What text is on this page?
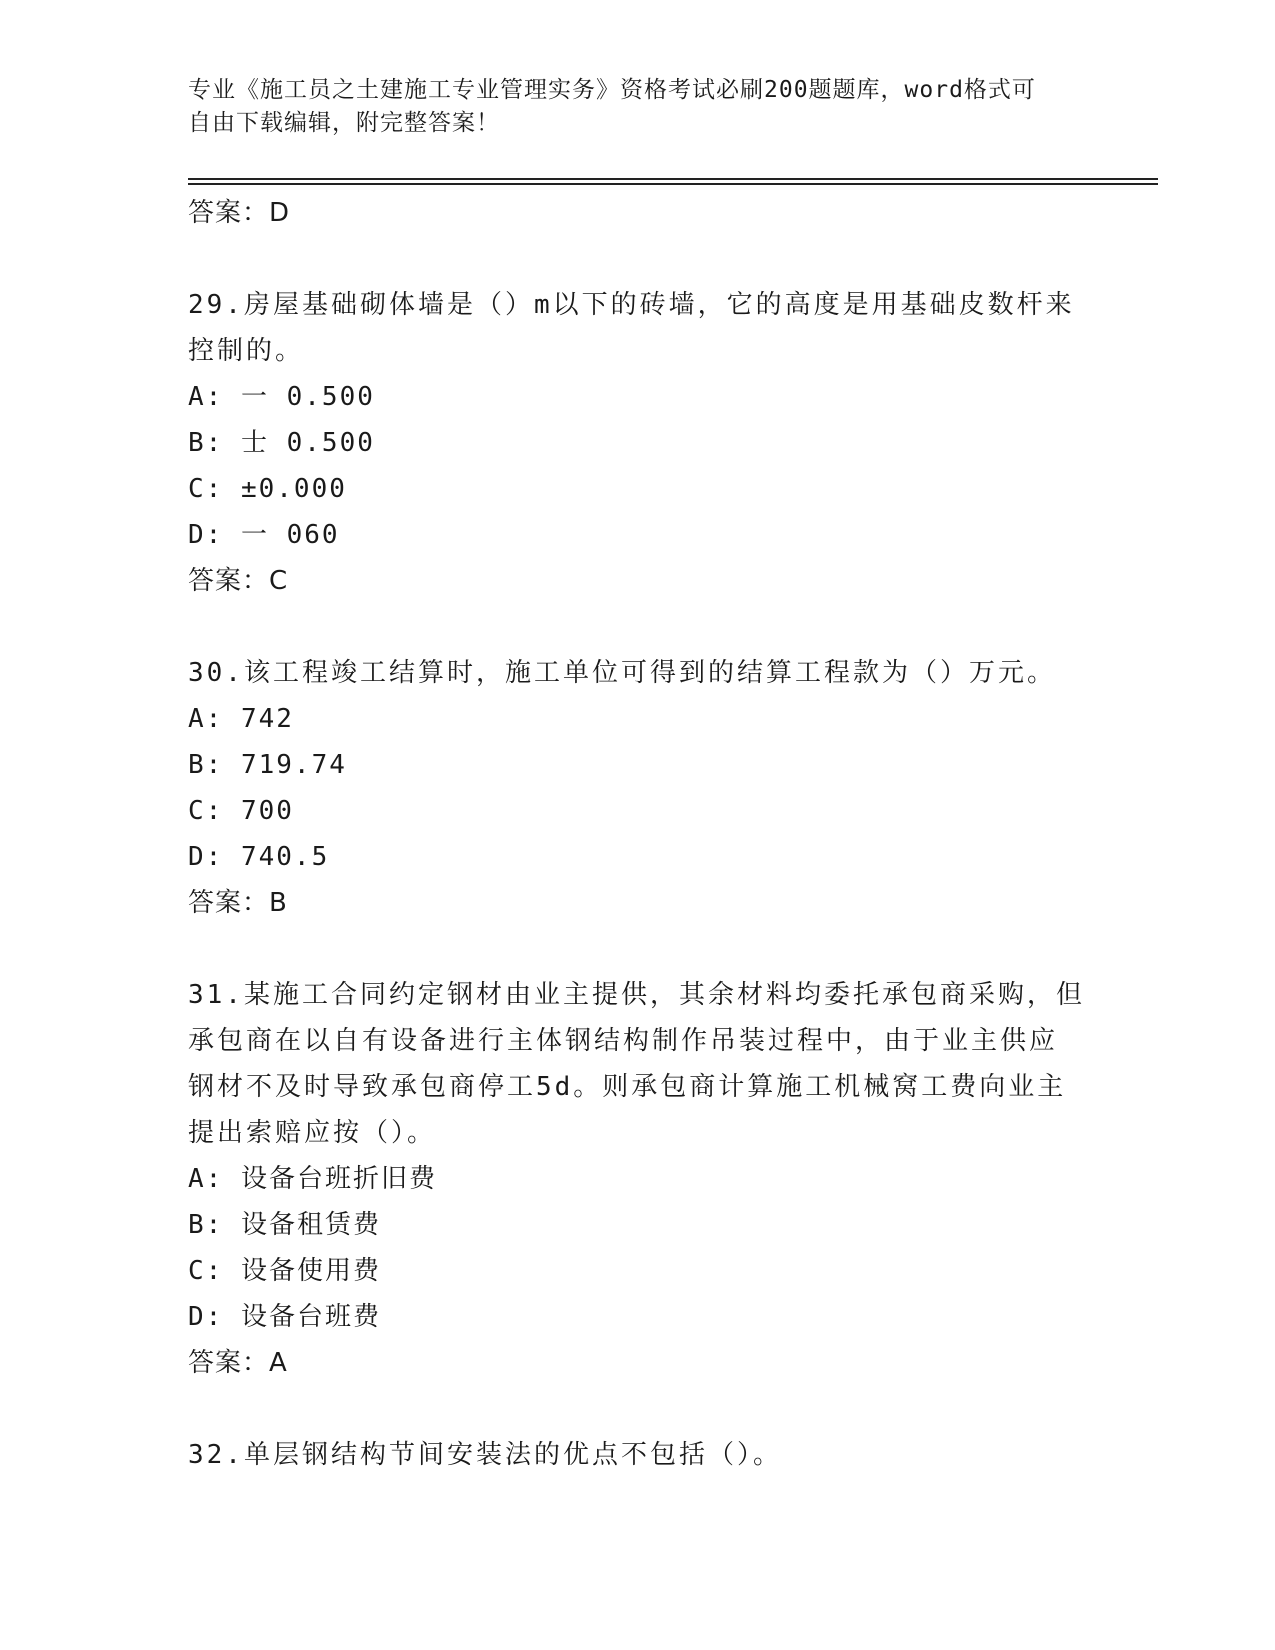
专业《施工员之土建施工专业管理实务》资格考试必刷200题题库，word格式可
自由下载编辑，附完整答案！
答案：D
29.房屋基础砌体墙是（）m以下的砖墙，它的高度是用基础皮数杆来
控制的。
A: 一 0.500
B: 士 0.500
C: ±0.000
D: 一 060
答案：C
30.该工程竣工结算时，施工单位可得到的结算工程款为（）万元。
A: 742
B: 719.74
C: 700
D: 740.5
答案：B
31.某施工合同约定钢材由业主提供，其余材料均委托承包商采购，但
承包商在以自有设备进行主体钢结构制作吊装过程中，由于业主供应
钢材不及时导致承包商停工5d。则承包商计算施工机械窝工费向业主
提出索赔应按（）。
A: 设备台班折旧费
B: 设备租赁费
C: 设备使用费
D: 设备台班费
答案：A
32.单层钢结构节间安装法的优点不包括（）。
